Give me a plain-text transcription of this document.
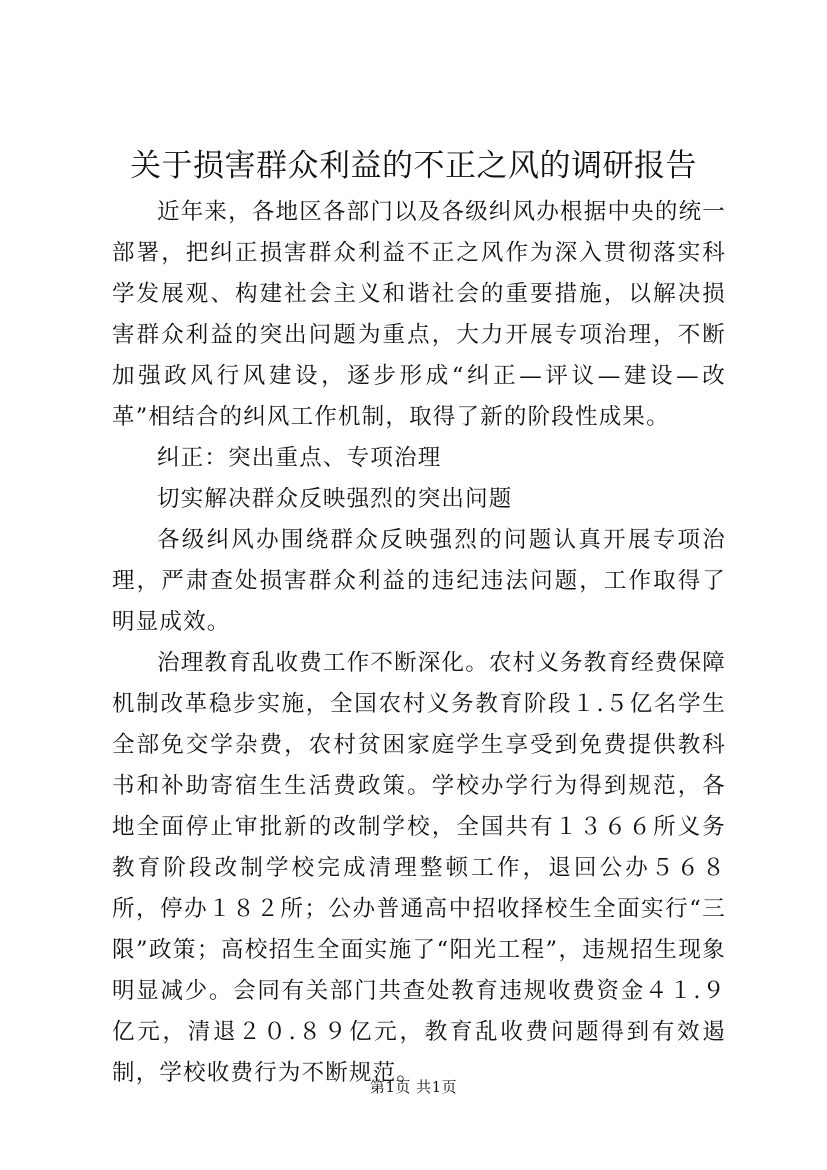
关于损害群众利益的不正之风的调研报告

近年来，各地区各部门以及各级纠风办根据中央的统一部署，把纠正损害群众利益不正之风作为深入贯彻落实科学发展观、构建社会主义和谐社会的重要措施，以解决损害群众利益的突出问题为重点，大力开展专项治理，不断加强政风行风建设，逐步形成“纠正—评议—建设—改革”相结合的纠风工作机制，取得了新的阶段性成果。

纠正：突出重点、专项治理

切实解决群众反映强烈的突出问题

各级纠风办围绕群众反映强烈的问题认真开展专项治理，严肃查处损害群众利益的违纪违法问题，工作取得了明显成效。

治理教育乱收费工作不断深化。农村义务教育经费保障机制改革稳步实施，全国农村义务教育阶段１.５亿名学生全部免交学杂费，农村贫困家庭学生享受到免费提供教科书和补助寄宿生生活费政策。学校办学行为得到规范，各地全面停止审批新的改制学校，全国共有１３６６所义务教育阶段改制学校完成清理整顿工作，退回公办５６８所，停办１８２所；公办普通高中招收择校生全面实行“三限”政策；高校招生全面实施了“阳光工程”，违规招生现象明显减少。会同有关部门共查处教育违规收费资金４１.９亿元，清退２０.８９亿元，教育乱收费问题得到有效遏制，学校收费行为不断规范。

第1页 共1页
